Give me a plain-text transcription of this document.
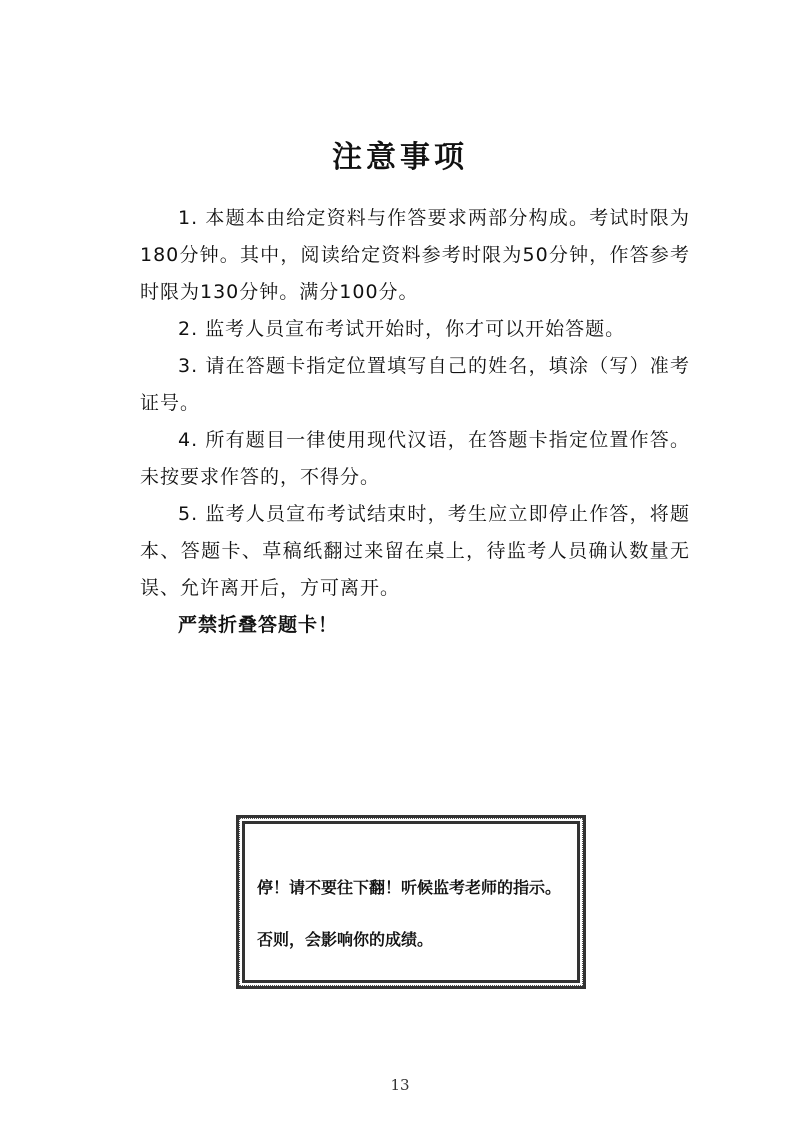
注意事项

1. 本题本由给定资料与作答要求两部分构成。考试时限为180分钟。其中，阅读给定资料参考时限为50分钟，作答参考时限为130分钟。满分100分。

2. 监考人员宣布考试开始时，你才可以开始答题。

3. 请在答题卡指定位置填写自己的姓名，填涂（写）准考证号。

4. 所有题目一律使用现代汉语，在答题卡指定位置作答。未按要求作答的，不得分。

5. 监考人员宣布考试结束时，考生应立即停止作答，将题本、答题卡、草稿纸翻过来留在桌上，待监考人员确认数量无误、允许离开后，方可离开。

严禁折叠答题卡！

停！请不要往下翻！听候监考老师的指示。
否则，会影响你的成绩。
13
